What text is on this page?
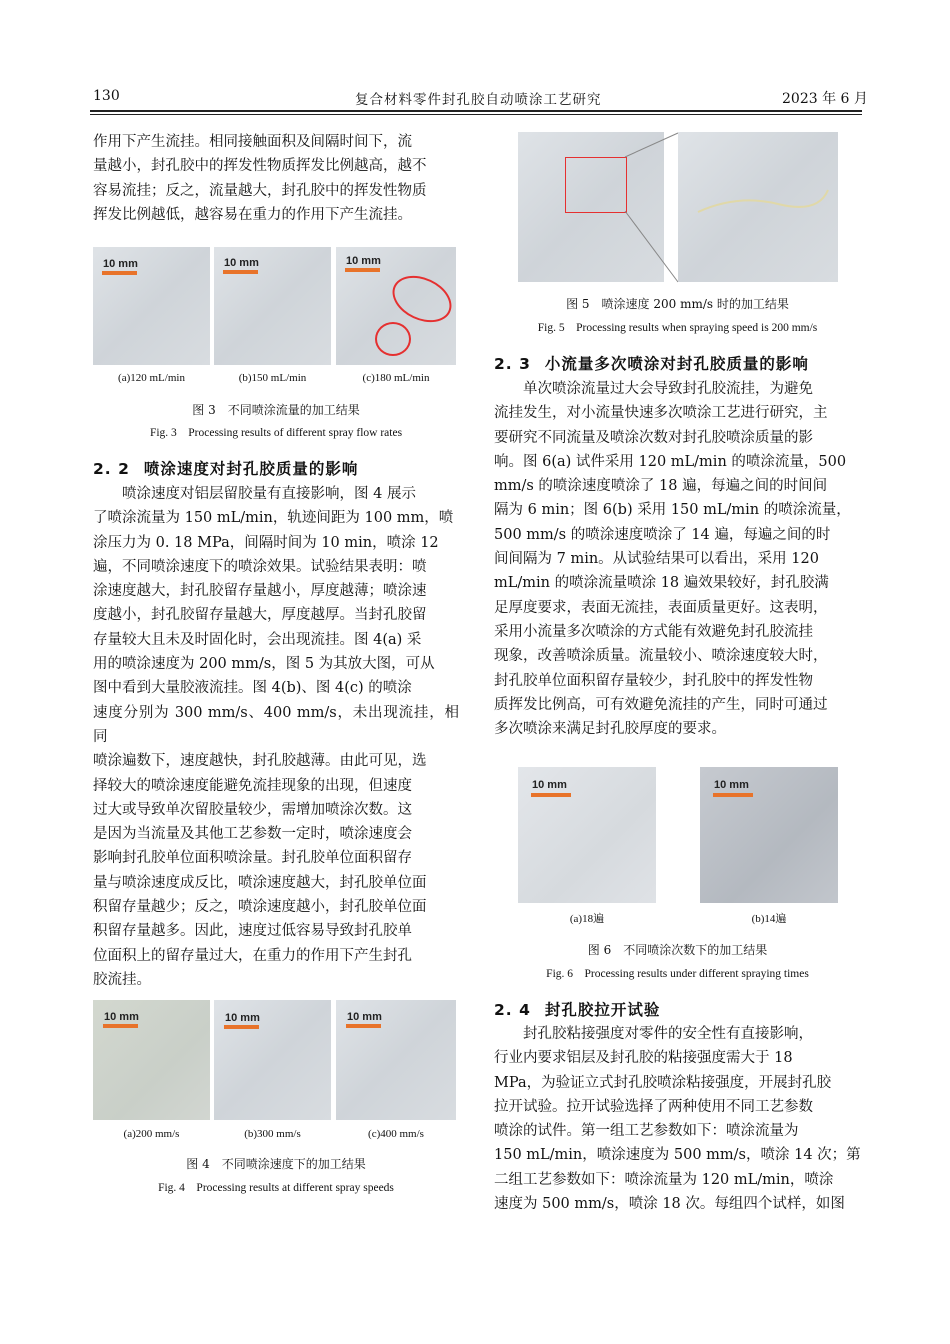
130	复合材料零件封孔胶自动喷涂工艺研究	2023 年 6 月
作用下产生流挂。相同接触面积及间隔时间下，流
量越小，封孔胶中的挥发性物质挥发比例越高，越不
容易流挂；反之，流量越大，封孔胶中的挥发性物质
挥发比例越低，越容易在重力的作用下产生流挂。
10 mm	10 mm	10 mm
(a)120 mL/min	(b)150 mL/min	(c)180 mL/min
图 3　不同喷涂流量的加工结果
Fig. 3　Processing results of different spray flow rates
2. 2 喷涂速度对封孔胶质量的影响
喷涂速度对铝层留胶量有直接影响，图 4 展示
了喷涂流量为 150 mL/min，轨迹间距为 100 mm，喷
涂压力为 0. 18 MPa，间隔时间为 10 min，喷涂 12
遍，不同喷涂速度下的喷涂效果。试验结果表明：喷
涂速度越大，封孔胶留存量越小，厚度越薄；喷涂速
度越小，封孔胶留存量越大，厚度越厚。当封孔胶留
存量较大且未及时固化时，会出现流挂。图 4(a) 采
用的喷涂速度为 200 mm/s，图 5 为其放大图，可从
图中看到大量胶液流挂。图 4(b)、图 4(c) 的喷涂
速度分别为 300 mm/s、400 mm/s，未出现流挂，相同
喷涂遍数下，速度越快，封孔胶越薄。由此可见，选
择较大的喷涂速度能避免流挂现象的出现，但速度
过大或导致单次留胶量较少，需增加喷涂次数。这
是因为当流量及其他工艺参数一定时，喷涂速度会
影响封孔胶单位面积喷涂量。封孔胶单位面积留存
量与喷涂速度成反比，喷涂速度越大，封孔胶单位面
积留存量越少；反之，喷涂速度越小，封孔胶单位面
积留存量越多。因此，速度过低容易导致封孔胶单
位面积上的留存量过大，在重力的作用下产生封孔
胶流挂。
10 mm	10 mm	10 mm
(a)200 mm/s	(b)300 mm/s	(c)400 mm/s
图 4　不同喷涂速度下的加工结果
Fig. 4　Processing results at different spray speeds
图 5　喷涂速度 200 mm/s 时的加工结果
Fig. 5　Processing results when spraying speed is 200 mm/s
2. 3 小流量多次喷涂对封孔胶质量的影响
单次喷涂流量过大会导致封孔胶流挂，为避免
流挂发生，对小流量快速多次喷涂工艺进行研究，主
要研究不同流量及喷涂次数对封孔胶喷涂质量的影
响。图 6(a) 试件采用 120 mL/min 的喷涂流量，500
mm/s 的喷涂速度喷涂了 18 遍，每遍之间的时间间
隔为 6 min；图 6(b) 采用 150 mL/min 的喷涂流量，
500 mm/s 的喷涂速度喷涂了 14 遍，每遍之间的时
间间隔为 7 min。从试验结果可以看出，采用 120
mL/min 的喷涂流量喷涂 18 遍效果较好，封孔胶满
足厚度要求，表面无流挂，表面质量更好。这表明，
采用小流量多次喷涂的方式能有效避免封孔胶流挂
现象，改善喷涂质量。流量较小、喷涂速度较大时，
封孔胶单位面积留存量较少，封孔胶中的挥发性物
质挥发比例高，可有效避免流挂的产生，同时可通过
多次喷涂来满足封孔胶厚度的要求。
10 mm	10 mm
(a)18遍	(b)14遍
图 6　不同喷涂次数下的加工结果
Fig. 6　Processing results under different spraying times
2. 4 封孔胶拉开试验
封孔胶粘接强度对零件的安全性有直接影响，
行业内要求铝层及封孔胶的粘接强度需大于 18
MPa，为验证立式封孔胶喷涂粘接强度，开展封孔胶
拉开试验。拉开试验选择了两种使用不同工艺参数
喷涂的试件。第一组工艺参数如下：喷涂流量为
150 mL/min，喷涂速度为 500 mm/s，喷涂 14 次；第
二组工艺参数如下：喷涂流量为 120 mL/min，喷涂
速度为 500 mm/s，喷涂 18 次。每组四个试样，如图
